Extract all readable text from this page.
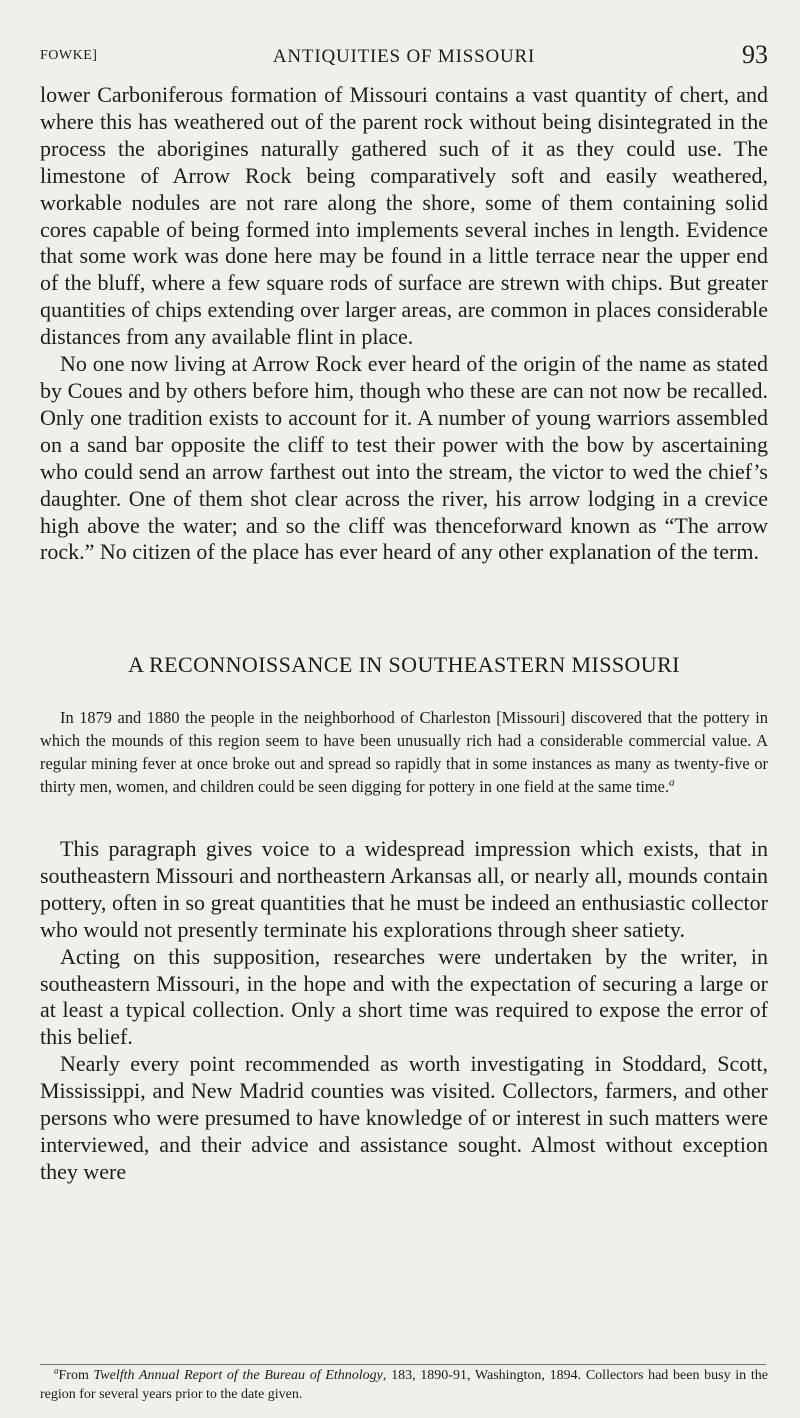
FOWKE]	ANTIQUITIES OF MISSOURI	93

lower Carboniferous formation of Missouri contains a vast quantity of chert, and where this has weathered out of the parent rock without being disintegrated in the process the aborigines naturally gathered such of it as they could use. The limestone of Arrow Rock being comparatively soft and easily weathered, workable nodules are not rare along the shore, some of them containing solid cores capable of being formed into implements several inches in length. Evidence that some work was done here may be found in a little terrace near the upper end of the bluff, where a few square rods of surface are strewn with chips. But greater quantities of chips extending over larger areas, are common in places considerable distances from any available flint in place.

No one now living at Arrow Rock ever heard of the origin of the name as stated by Coues and by others before him, though who these are can not now be recalled. Only one tradition exists to account for it. A number of young warriors assembled on a sand bar opposite the cliff to test their power with the bow by ascertaining who could send an arrow farthest out into the stream, the victor to wed the chief’s daughter. One of them shot clear across the river, his arrow lodging in a crevice high above the water; and so the cliff was thenceforward known as “The arrow rock.” No citizen of the place has ever heard of any other explanation of the term.

A RECONNOISSANCE IN SOUTHEASTERN MISSOURI

In 1879 and 1880 the people in the neighborhood of Charleston [Missouri] discovered that the pottery in which the mounds of this region seem to have been unusually rich had a considerable commercial value. A regular mining fever at once broke out and spread so rapidly that in some instances as many as twenty-five or thirty men, women, and children could be seen digging for pottery in one field at the same time.$^a$

This paragraph gives voice to a widespread impression which exists, that in southeastern Missouri and northeastern Arkansas all, or nearly all, mounds contain pottery, often in so great quantities that he must be indeed an enthusiastic collector who would not presently terminate his explorations through sheer satiety.

Acting on this supposition, researches were undertaken by the writer, in southeastern Missouri, in the hope and with the expectation of securing a large or at least a typical collection. Only a short time was required to expose the error of this belief.

Nearly every point recommended as worth investigating in Stoddard, Scott, Mississippi, and New Madrid counties was visited. Collectors, farmers, and other persons who were presumed to have knowledge of or interest in such matters were interviewed, and their advice and assistance sought. Almost without exception they were

$^a$From Twelfth Annual Report of the Bureau of Ethnology, 183, 1890-91, Washington, 1894. Collectors had been busy in the region for several years prior to the date given.
